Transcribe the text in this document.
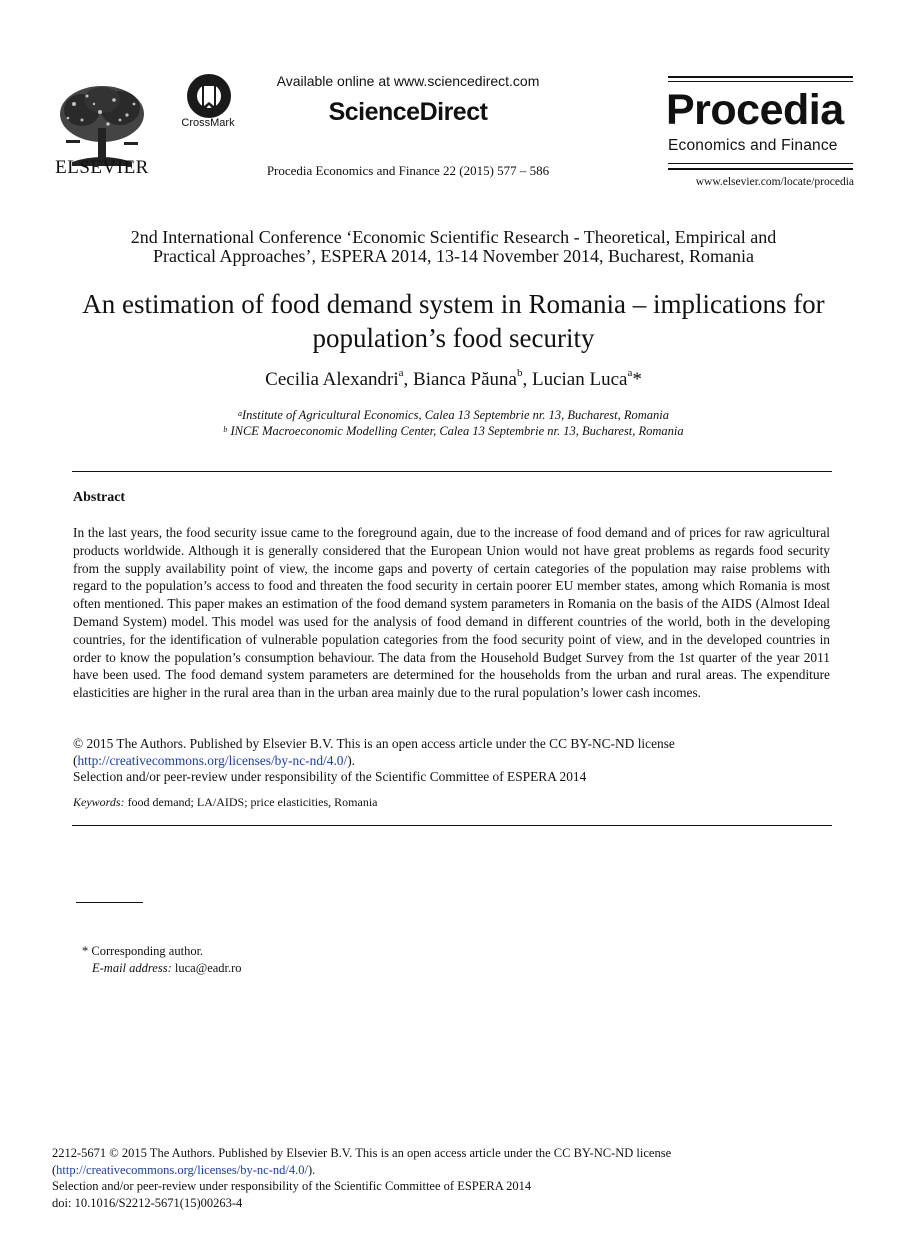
ELSEVIER
CrossMark
Available online at www.sciencedirect.com
ScienceDirect
Procedia Economics and Finance 22 (2015) 577 – 586
Procedia
Economics and Finance
www.elsevier.com/locate/procedia
2nd International Conference ‘Economic Scientific Research - Theoretical, Empirical and
Practical Approaches’, ESPERA 2014, 13-14 November 2014, Bucharest, Romania
An estimation of food demand system in Romania – implications for
population’s food security
Cecilia Alexandri$^a$, Bianca Păuna$^b$, Lucian Luca$^a$*
$^a$Institute of Agricultural Economics, Calea 13 Septembrie nr. 13, Bucharest, Romania
$^b$ INCE Macroeconomic Modelling Center, Calea 13 Septembrie nr. 13, Bucharest, Romania
Abstract
In the last years, the food security issue came to the foreground again, due to the increase of food demand and of prices for raw agricultural products worldwide. Although it is generally considered that the European Union would not have great problems as regards food security from the supply availability point of view, the income gaps and poverty of certain categories of the population may raise problems with regard to the population’s access to food and threaten the food security in certain poorer EU member states, among which Romania is most often mentioned. This paper makes an estimation of the food demand system parameters in Romania on the basis of the AIDS (Almost Ideal Demand System) model. This model was used for the analysis of food demand in different countries of the world, both in the developing countries, for the identification of vulnerable population categories from the food security point of view, and in the developed countries in order to know the population’s consumption behaviour. The data from the Household Budget Survey from the 1st quarter of the year 2011 have been used. The food demand system parameters are determined for the households from the urban and rural areas. The expenditure elasticities are higher in the rural area than in the urban area mainly due to the rural population’s lower cash incomes.
© 2015 The Authors. Published by Elsevier B.V. This is an open access article under the CC BY-NC-ND license
(http://creativecommons.org/licenses/by-nc-nd/4.0/).
Selection and/or peer-review under responsibility of the Scientific Committee of ESPERA 2014
Keywords: food demand; LA/AIDS; price elasticities, Romania
* Corresponding author.
E-mail address: luca@eadr.ro
2212-5671 © 2015 The Authors. Published by Elsevier B.V. This is an open access article under the CC BY-NC-ND license
(http://creativecommons.org/licenses/by-nc-nd/4.0/).
Selection and/or peer-review under responsibility of the Scientific Committee of ESPERA 2014
doi: 10.1016/S2212-5671(15)00263-4
